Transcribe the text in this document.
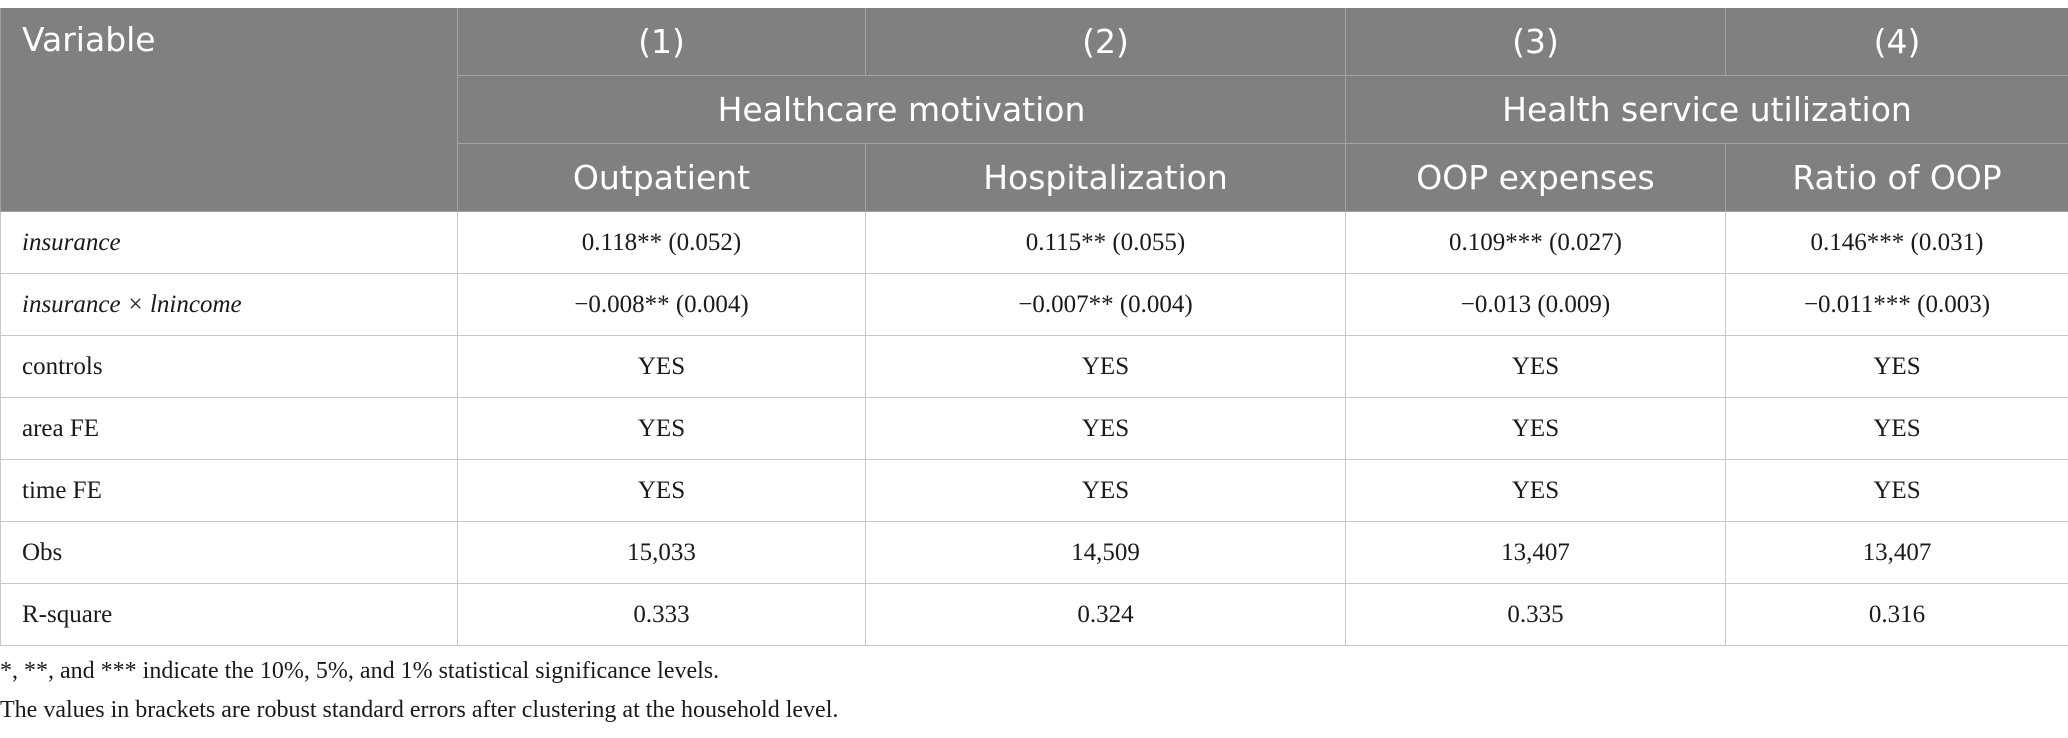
Variable	(1)	(2)	(3)	(4)
	Healthcare motivation		Health service utilization	
	Outpatient	Hospitalization	OOP expenses	Ratio of OOP
insurance	0.118** (0.052)	0.115** (0.055)	0.109*** (0.027)	0.146*** (0.031)
insurance × lnincome	−0.008** (0.004)	−0.007** (0.004)	−0.013 (0.009)	−0.011*** (0.003)
controls	YES	YES	YES	YES
area FE	YES	YES	YES	YES
time FE	YES	YES	YES	YES
Obs	15,033	14,509	13,407	13,407
R-square	0.333	0.324	0.335	0.316
*, **, and *** indicate the 10%, 5%, and 1% statistical significance levels.
The values in brackets are robust standard errors after clustering at the household level.
